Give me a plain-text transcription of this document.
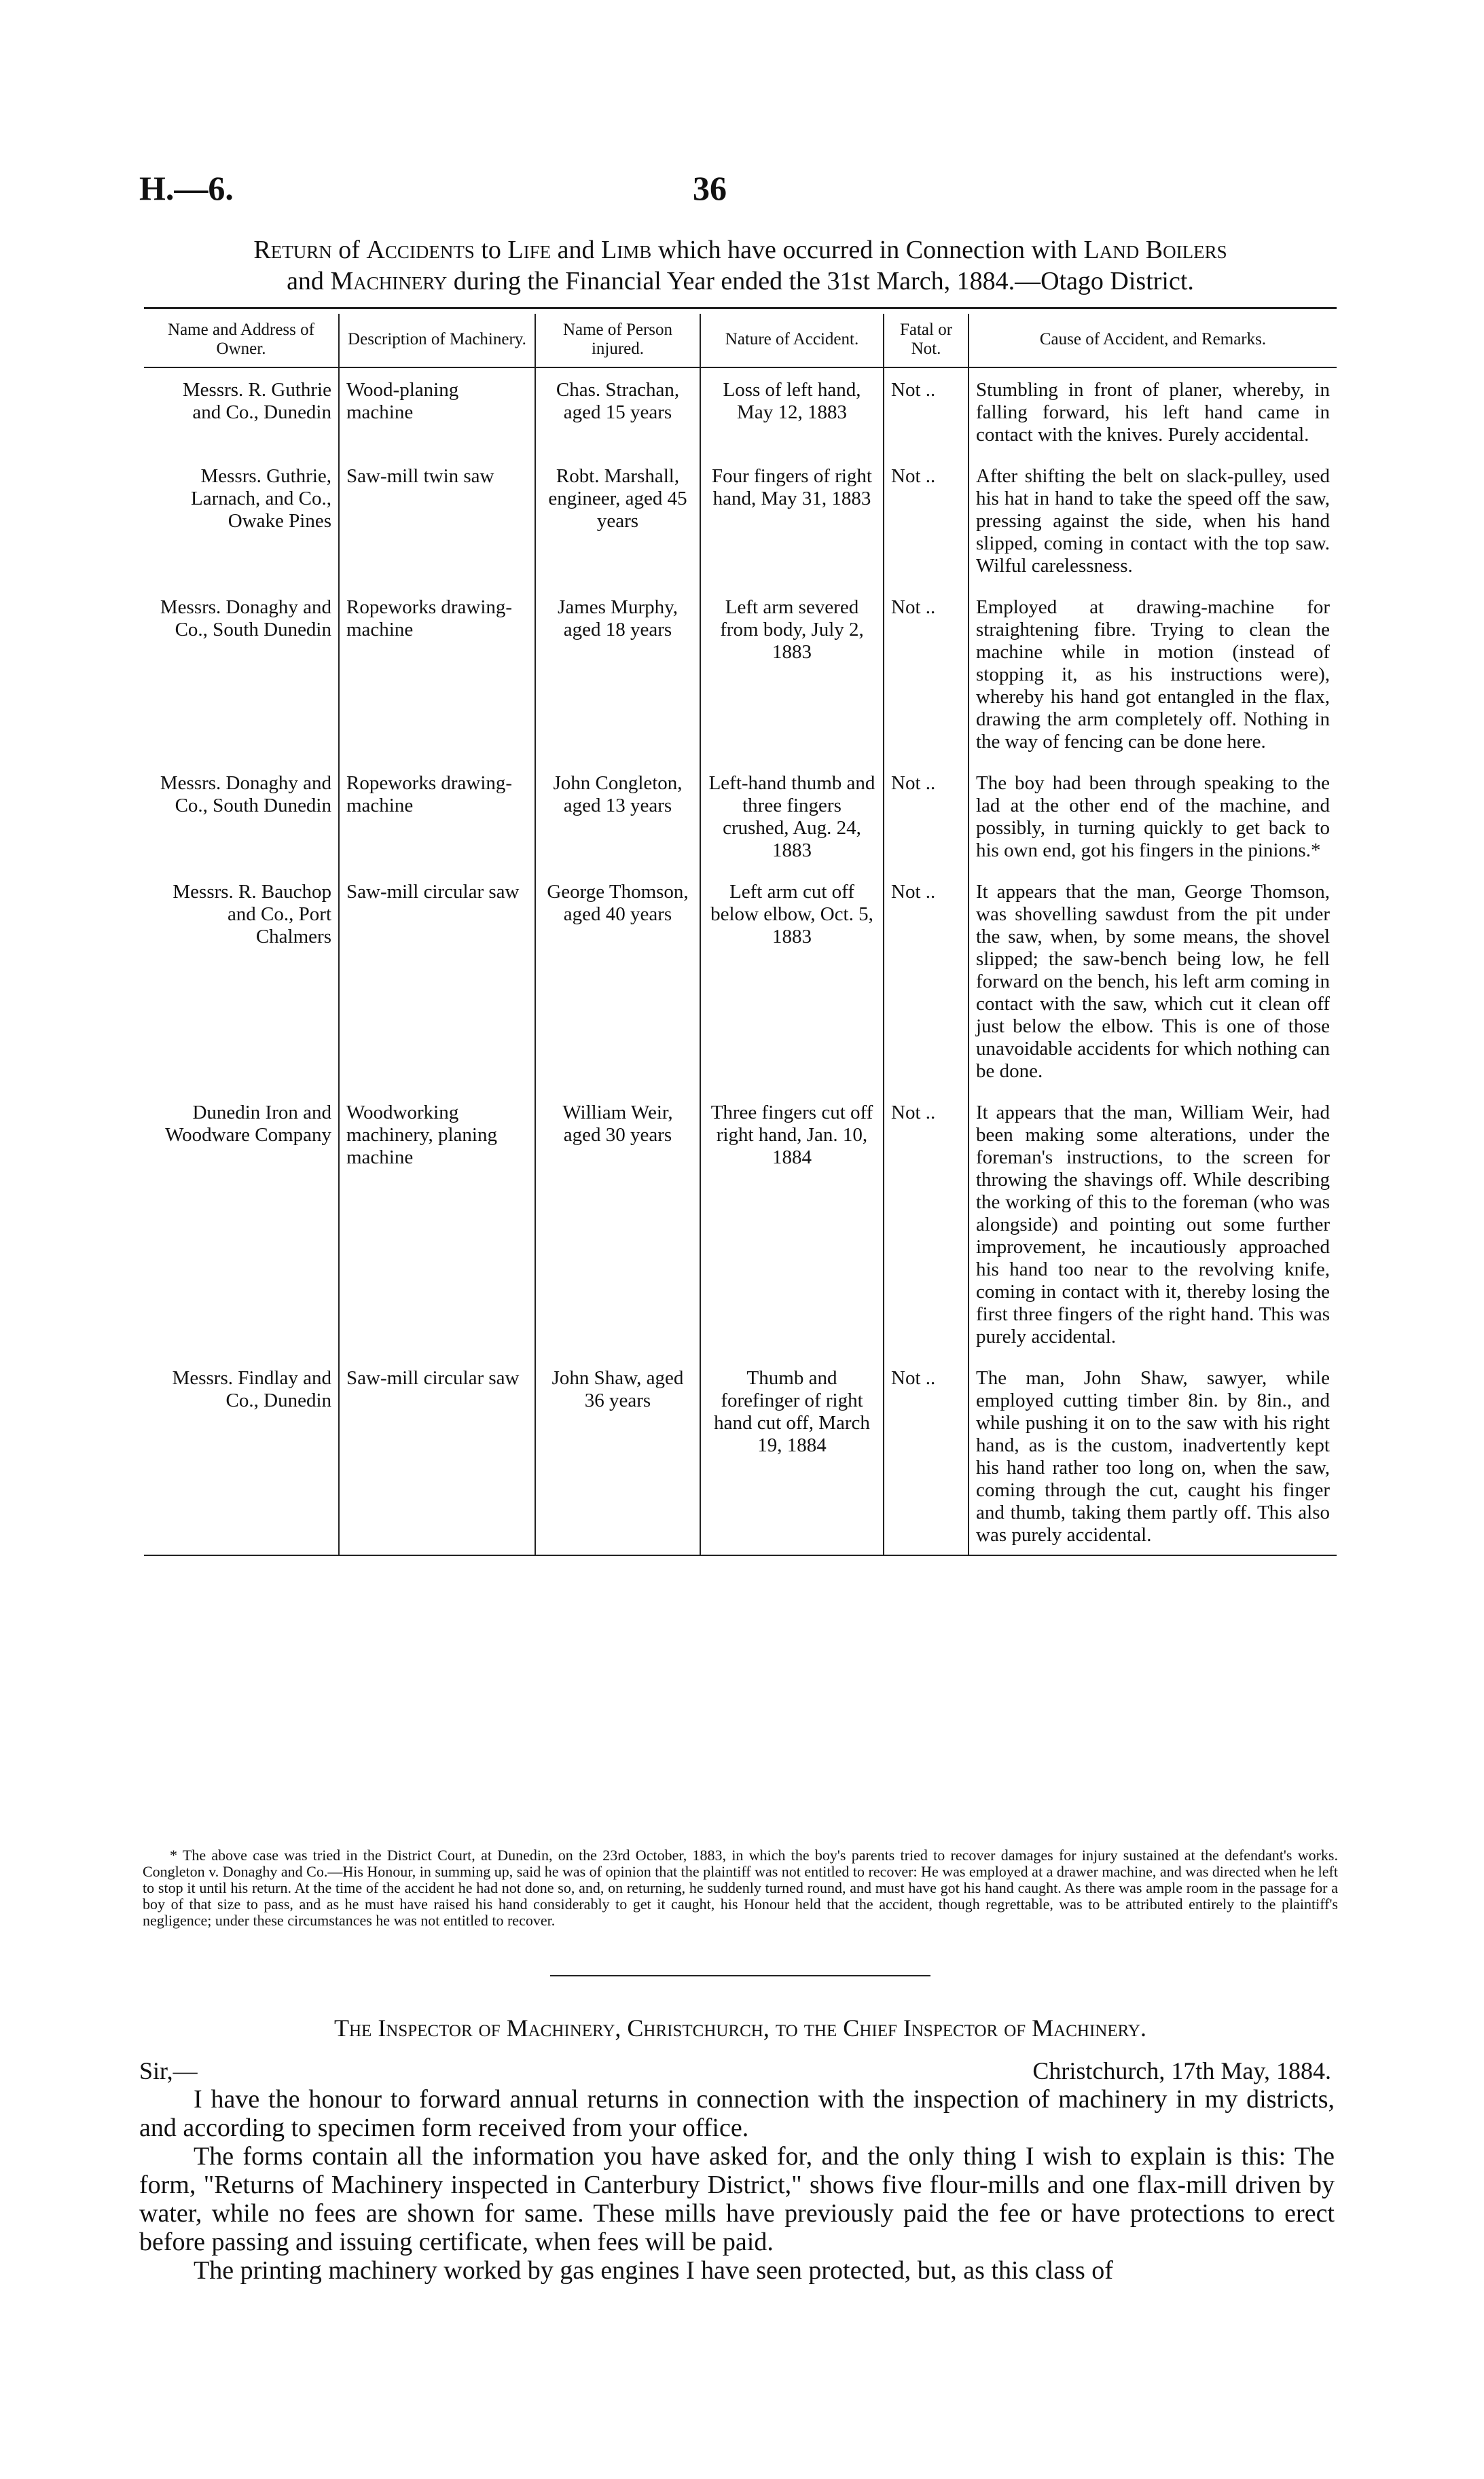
H.—6.	36
Return of Accidents to Life and Limb which have occurred in Connection with Land Boilers
and Machinery during the Financial Year ended the 31st March, 1884.—Otago District.
Name and Address of Owner.	Description of Machinery.	Name of Person injured.	Nature of Accident.	Fatal or Not.	Cause of Accident, and Remarks.
Messrs. R. Guthrie and Co., Dunedin	Wood-planing machine	Chas. Strachan, aged 15 years	Loss of left hand, May 12, 1883	Not ..	Stumbling in front of planer, whereby, in falling forward, his left hand came in contact with the knives. Purely accidental.
Messrs. Guthrie, Larnach, and Co., Owake Pines	Saw-mill twin saw	Robt. Marshall, engineer, aged 45 years	Four fingers of right hand, May 31, 1883	Not ..	After shifting the belt on slack-pulley, used his hat in hand to take the speed off the saw, pressing against the side, when his hand slipped, coming in contact with the top saw. Wilful carelessness.
Messrs. Donaghy and Co., South Dunedin	Ropeworks drawing-machine	James Murphy, aged 18 years	Left arm severed from body, July 2, 1883	Not ..	Employed at drawing-machine for straightening fibre. Trying to clean the machine while in motion (instead of stopping it, as his instructions were), whereby his hand got entangled in the flax, drawing the arm completely off. Nothing in the way of fencing can be done here.
Messrs. Donaghy and Co., South Dunedin	Ropeworks drawing-machine	John Congleton, aged 13 years	Left-hand thumb and three fingers crushed, Aug. 24, 1883	Not ..	The boy had been through speaking to the lad at the other end of the machine, and possibly, in turning quickly to get back to his own end, got his fingers in the pinions.*
Messrs. R. Bauchop and Co., Port Chalmers	Saw-mill circular saw	George Thomson, aged 40 years	Left arm cut off below elbow, Oct. 5, 1883	Not ..	It appears that the man, George Thomson, was shovelling sawdust from the pit under the saw, when, by some means, the shovel slipped; the saw-bench being low, he fell forward on the bench, his left arm coming in contact with the saw, which cut it clean off just below the elbow. This is one of those unavoidable accidents for which nothing can be done.
Dunedin Iron and Woodware Company	Woodworking machinery, planing machine	William Weir, aged 30 years	Three fingers cut off right hand, Jan. 10, 1884	Not ..	It appears that the man, William Weir, had been making some alterations, under the foreman's instructions, to the screen for throwing the shavings off. While describing the working of this to the foreman (who was alongside) and pointing out some further improvement, he incautiously approached his hand too near to the revolving knife, coming in contact with it, thereby losing the first three fingers of the right hand. This was purely accidental.
Messrs. Findlay and Co., Dunedin	Saw-mill circular saw	John Shaw, aged 36 years	Thumb and forefinger of right hand cut off, March 19, 1884	Not ..	The man, John Shaw, sawyer, while employed cutting timber 8in. by 8in., and while pushing it on to the saw with his right hand, as is the custom, inadvertently kept his hand rather too long on, when the saw, coming through the cut, caught his finger and thumb, taking them partly off. This also was purely accidental.
* The above case was tried in the District Court, at Dunedin, on the 23rd October, 1883, in which the boy's parents tried to recover damages for injury sustained at the defendant's works. Congleton v. Donaghy and Co.—His Honour, in summing up, said he was of opinion that the plaintiff was not entitled to recover: He was employed at a drawer machine, and was directed when he left to stop it until his return. At the time of the accident he had not done so, and, on returning, he suddenly turned round, and must have got his hand caught. As there was ample room in the passage for a boy of that size to pass, and as he must have raised his hand considerably to get it caught, his Honour held that the accident, though regrettable, was to be attributed entirely to the plaintiff's negligence; under these circumstances he was not entitled to recover.
The Inspector of Machinery, Christchurch, to the Chief Inspector of Machinery.
Sir,—	Christchurch, 17th May, 1884.

I have the honour to forward annual returns in connection with the inspection of machinery in my districts, and according to specimen form received from your office.

The forms contain all the information you have asked for, and the only thing I wish to explain is this: The form, "Returns of Machinery inspected in Canterbury District," shows five flour-mills and one flax-mill driven by water, while no fees are shown for same. These mills have previously paid the fee or have protections to erect before passing and issuing certificate, when fees will be paid.

The printing machinery worked by gas engines I have seen protected, but, as this class of
